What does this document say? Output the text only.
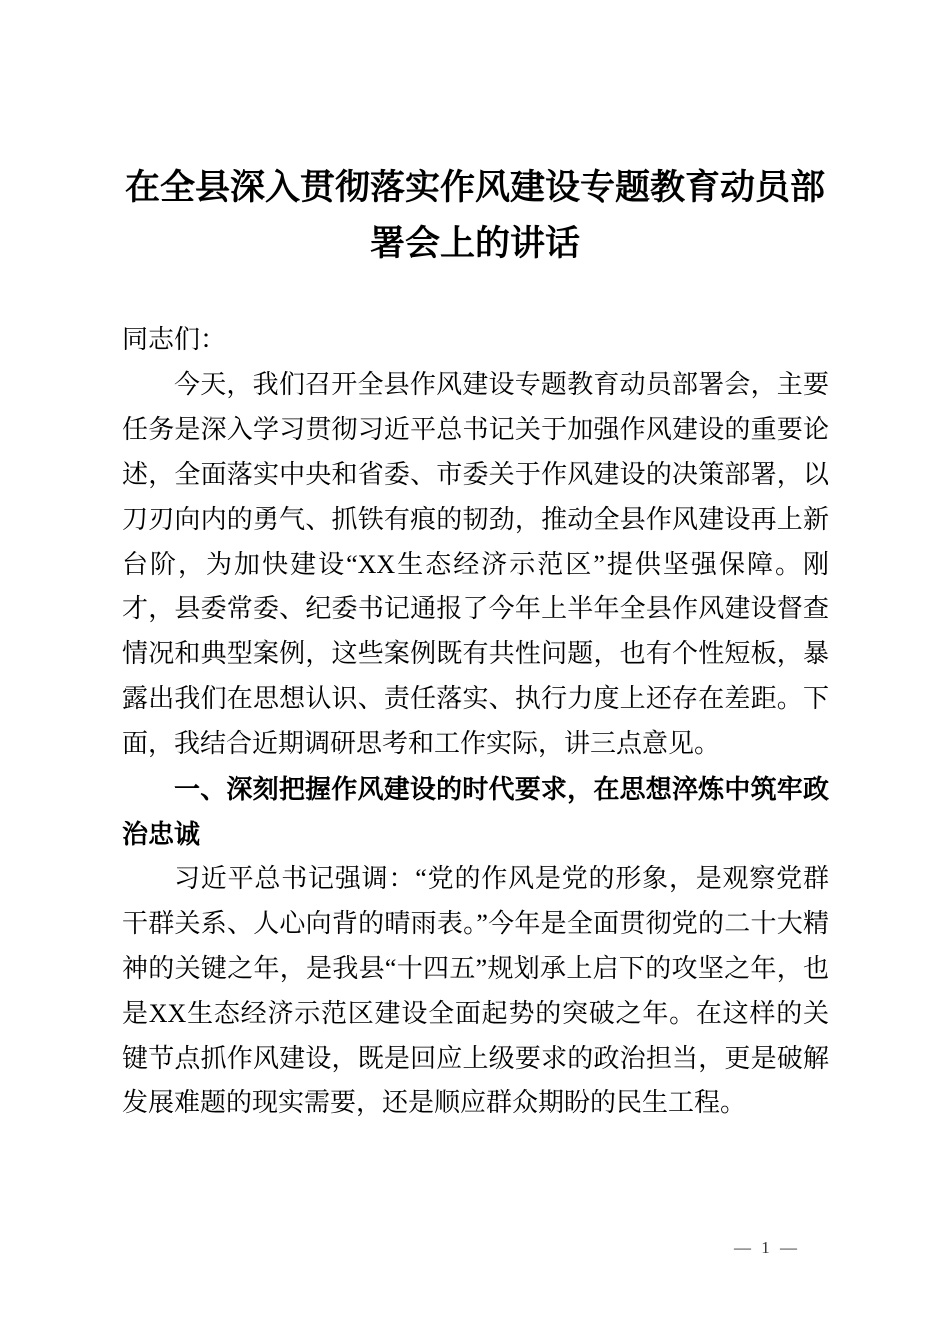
在全县深入贯彻落实作风建设专题教育动员部署会上的讲话

同志们：

今天，我们召开全县作风建设专题教育动员部署会，主要任务是深入学习贯彻习近平总书记关于加强作风建设的重要论述，全面落实中央和省委、市委关于作风建设的决策部署，以刀刃向内的勇气、抓铁有痕的韧劲，推动全县作风建设再上新台阶，为加快建设“XX生态经济示范区”提供坚强保障。刚才，县委常委、纪委书记通报了今年上半年全县作风建设督查情况和典型案例，这些案例既有共性问题，也有个性短板，暴露出我们在思想认识、责任落实、执行力度上还存在差距。下面，我结合近期调研思考和工作实际，讲三点意见。

一、深刻把握作风建设的时代要求，在思想淬炼中筑牢政治忠诚

习近平总书记强调：“党的作风是党的形象，是观察党群干群关系、人心向背的晴雨表。”今年是全面贯彻党的二十大精神的关键之年，是我县“十四五”规划承上启下的攻坚之年，也是XX生态经济示范区建设全面起势的突破之年。在这样的关键节点抓作风建设，既是回应上级要求的政治担当，更是破解发展难题的现实需要，还是顺应群众期盼的民生工程。

— 1 —
